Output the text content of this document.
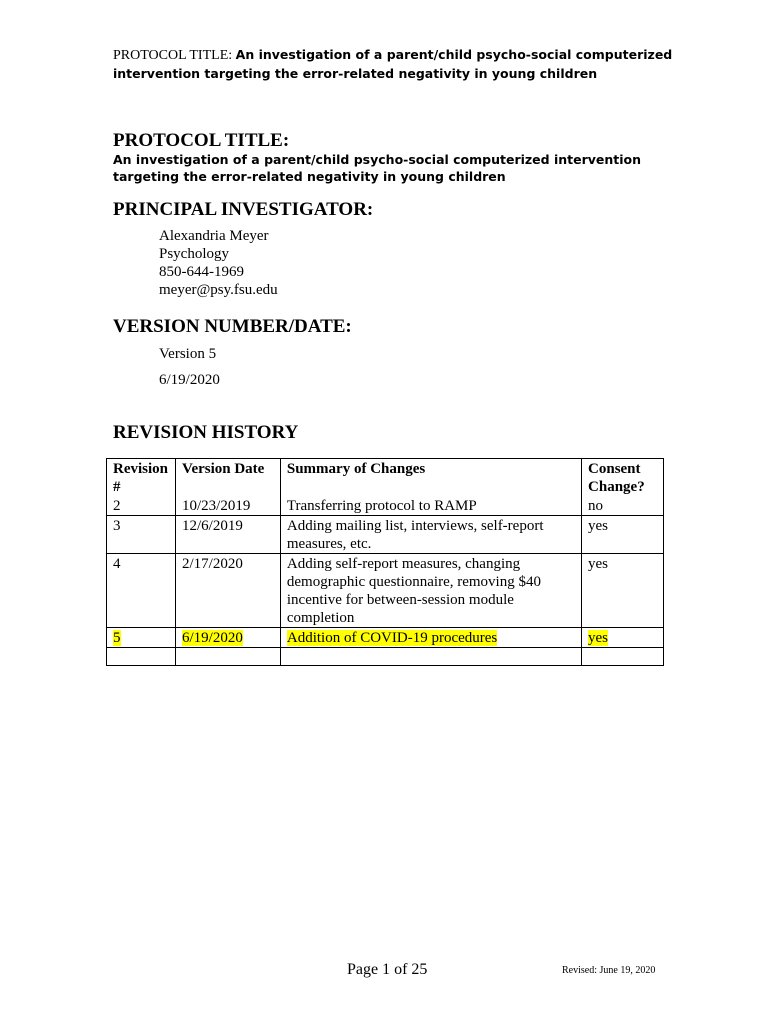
PROTOCOL TITLE: An investigation of a parent/child psycho-social computerized intervention targeting the error-related negativity in young children
PROTOCOL TITLE:
An investigation of a parent/child psycho-social computerized intervention targeting the error-related negativity in young children
PRINCIPAL INVESTIGATOR:
Alexandria Meyer
Psychology
850-644-1969
meyer@psy.fsu.edu
VERSION NUMBER/DATE:
Version 5
6/19/2020
REVISION HISTORY
Revision #	Version Date	Summary of Changes	Consent Change?
2	10/23/2019	Transferring protocol to RAMP	no
3	12/6/2019	Adding mailing list, interviews, self-report measures, etc.	yes
4	2/17/2020	Adding self-report measures, changing demographic questionnaire, removing $40 incentive for between-session module completion	yes
5	6/19/2020	Addition of COVID-19 procedures	yes

Page 1 of 25	Revised: June 19, 2020
